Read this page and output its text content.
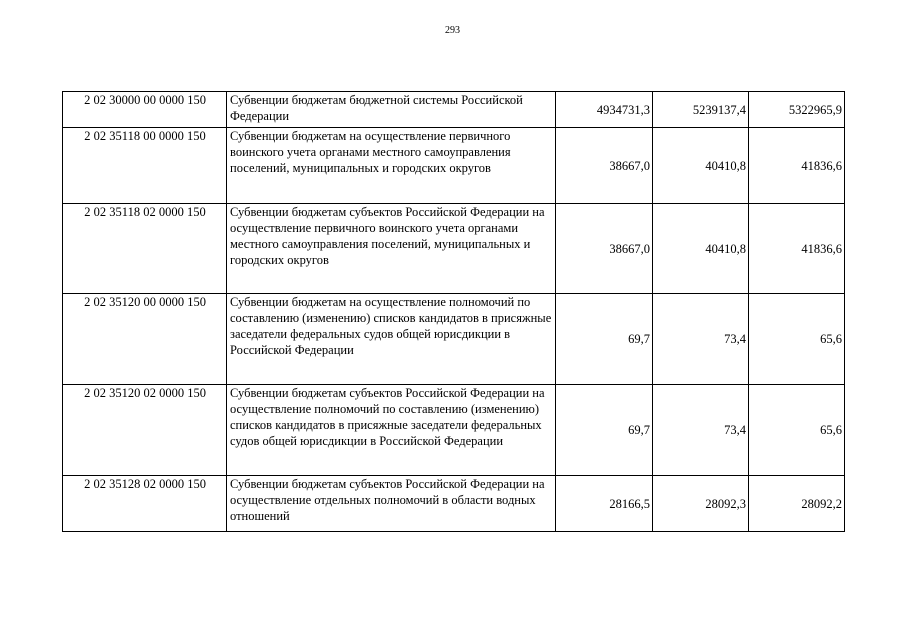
293
2 02 30000 00 0000 150	Субвенции бюджетам бюджетной системы Российской Федерации	4934731,3	5239137,4	5322965,9
2 02 35118 00 0000 150	Субвенции бюджетам на осуществление первичного воинского учета органами местного самоуправления поселений, муниципальных и городских округов	38667,0	40410,8	41836,6
2 02 35118 02 0000 150	Субвенции бюджетам субъектов Российской Федерации на осуществление первичного воинского учета органами местного самоуправления поселений, муниципальных и городских округов	38667,0	40410,8	41836,6
2 02 35120 00 0000 150	Субвенции бюджетам на осуществление полномочий по составлению (изменению) списков кандидатов в присяжные заседатели федеральных судов общей юрисдикции в Российской Федерации	69,7	73,4	65,6
2 02 35120 02 0000 150	Субвенции бюджетам субъектов Российской Федерации на осуществление полномочий по составлению (изменению) списков кандидатов в присяжные заседатели федеральных судов общей юрисдикции в Российской Федерации	69,7	73,4	65,6
2 02 35128 02 0000 150	Субвенции бюджетам субъектов Российской Федерации на осуществление отдельных полномочий в области водных отношений	28166,5	28092,3	28092,2
